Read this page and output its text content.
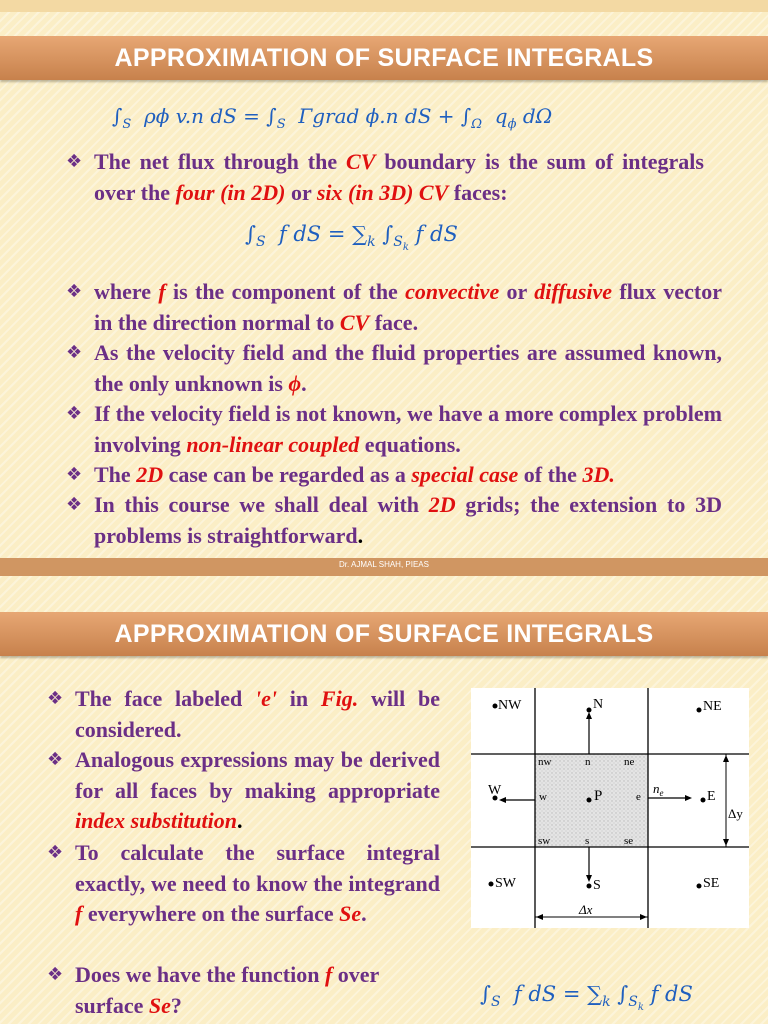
APPROXIMATION OF SURFACE INTEGRALS
$\int_S$  ρϕ v.n dS = $\int_S$  Γgrad ϕ.n dS + $\int_\Omega$  $q_\phi$ dΩ
❖ The net flux through the CV boundary is the sum of integrals over the four (in 2D) or six (in 3D) CV faces:
$\int_S$  f dS = $\sum_k$ $\int_{S_k}$ f dS
❖ where f is the component of the convective or diffusive flux vector in the direction normal to CV face.
❖ As the velocity field and the fluid properties are assumed known, the only unknown is ϕ.
❖ If the velocity field is not known, we have a more complex problem involving non-linear coupled equations.
❖ The 2D case can be regarded as a special case of the 3D.
❖ In this course we shall deal with 2D grids; the extension to 3D problems is straightforward.
Dr. AJMAL SHAH, PIEAS
APPROXIMATION OF SURFACE INTEGRALS
❖ The face labeled 'e' in Fig. will be considered.
❖ Analogous expressions may be derived for all faces by making appropriate index substitution.
❖ To calculate the surface integral exactly, we need to know the integrand f everywhere on the surface Se.
❖ Does we have the function f over surface Se?	$\int_S$  f dS = $\sum_k$ $\int_{S_k}$ f dS
NW	N	NE
W	P	E
SW	S	SE
nw	n	ne
w	e
sw	s	se
$n_e$
Δy
Δx
